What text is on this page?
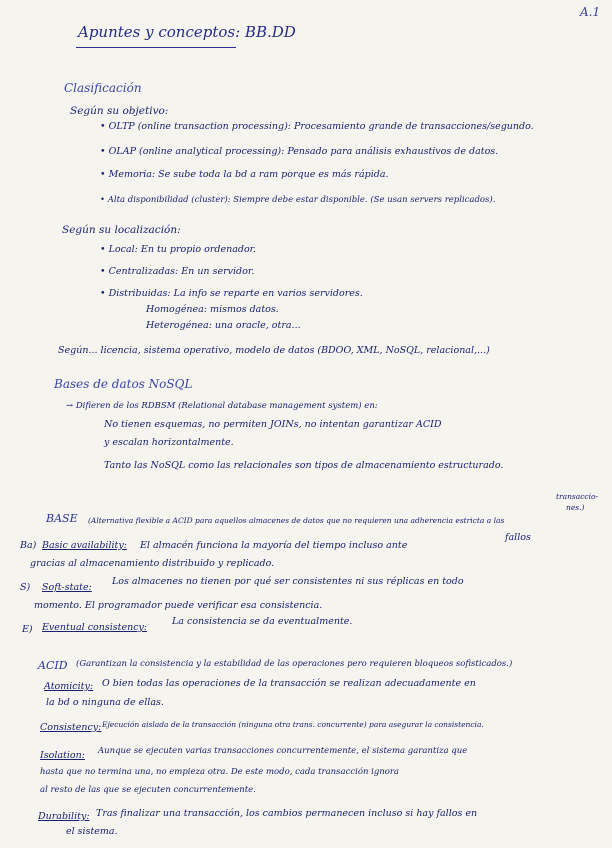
A.1
Apuntes y conceptos: BB.DD
Clasificación
Según su objetivo:
• OLTP (online transaction processing): Procesamiento grande de transacciones/segundo.
• OLAP (online analytical processing): Pensado para análisis exhaustivos de datos.
• Memoria: Se sube toda la bd a ram porque es más rápida.
• Alta disponibilidad (cluster): Siempre debe estar disponible. (Se usan servers replicados).
Según su localización:
• Local: En tu propio ordenador.
• Centralizadas: En un servidor.
• Distribuidas: La info se reparte en varios servidores.
Homogénea: mismos datos.
Heterogénea: una oracle, otra...
Según... licencia, sistema operativo, modelo de datos (BDOO, XML, NoSQL, relacional,...)
Bases de datos NoSQL
→ Difieren de los RDBSM (Relational database management system) en:
No tienen esquemas, no permiten JOINs, no intentan garantizar ACID
y escalan horizontalmente.
Tanto las NoSQL como las relacionales son tipos de almacenamiento estructurado.
BASE (Alternativa flexible a ACID para aquellos almacenes de datos que no requieren una adherencia estricta a las
transaccio-
nes.)
Ba) Basic availability: El almacén funciona la mayoría del tiempo incluso ante
fallos
gracias al almacenamiento distribuido y replicado.
S) Soft-state:
Los almacenes no tienen por qué ser consistentes ni sus réplicas en todo
momento. El programador puede verificar esa consistencia.
E) Eventual consistency:
La consistencia se da eventualmente.
ACID (Garantizan la consistencia y la estabilidad de las operaciones pero requieren bloqueos sofisticados.)
Atomicity: O bien todas las operaciones de la transacción se realizan adecuadamente en
la bd o ninguna de ellas.
Consistency: Ejecución aislada de la transacción (ninguna otra trans. concurrente) para asegurar la consistencia.
Isolation: Aunque se ejecuten varias transacciones concurrentemente, el sistema garantiza que
hasta que no termina una, no empieza otra. De este modo, cada transacción ignora
al resto de las que se ejecuten concurrentemente.
Durability: Tras finalizar una transacción, los cambios permanecen incluso si hay fallos en
el sistema.
